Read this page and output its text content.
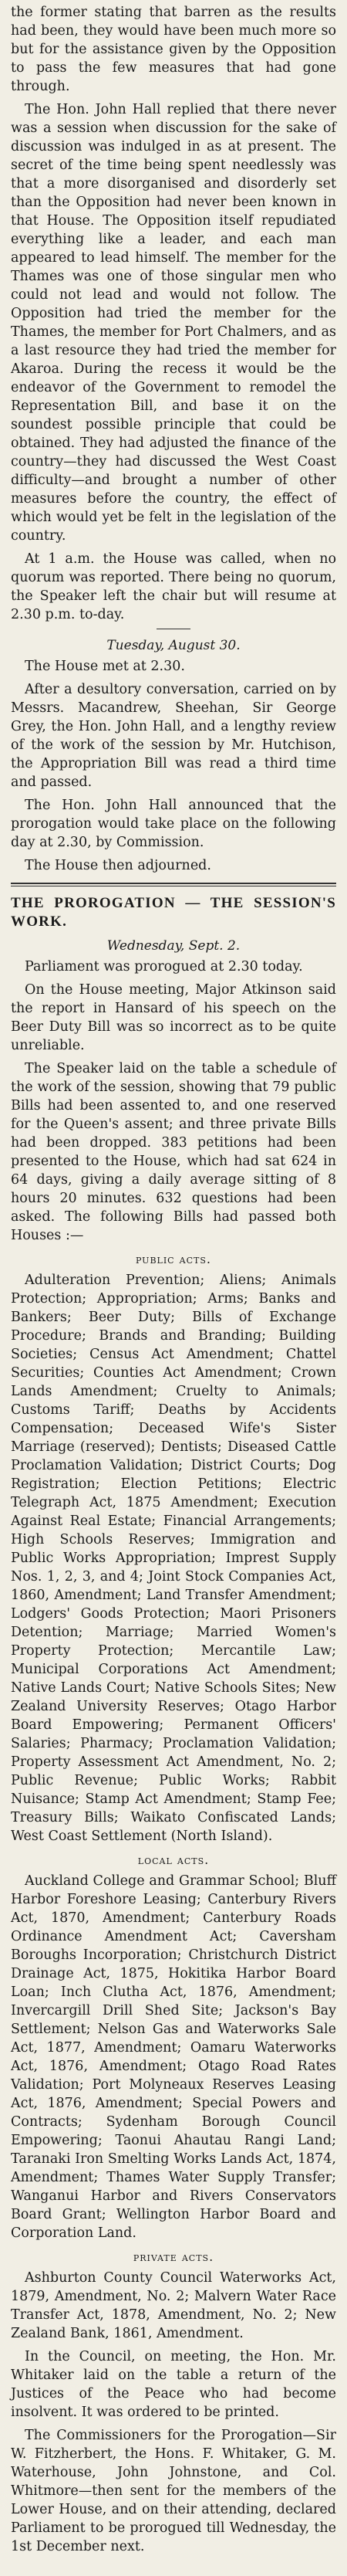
the former stating that barren as the results had been, they would have been much more so but for the assistance given by the Opposition to pass the few measures that had gone through.

The Hon. John Hall replied that there never was a session when discussion for the sake of discussion was indulged in as at present. The secret of the time being spent needlessly was that a more disorganised and disorderly set than the Opposition had never been known in that House. The Opposition itself repudiated everything like a leader, and each man appeared to lead himself. The member for the Thames was one of those singular men who could not lead and would not follow. The Opposition had tried the member for the Thames, the member for Port Chalmers, and as a last resource they had tried the member for Akaroa. During the recess it would be the endeavor of the Government to remodel the Representation Bill, and base it on the soundest possible principle that could be obtained. They had adjusted the finance of the country—they had discussed the West Coast difficulty—and brought a number of other measures before the country, the effect of which would yet be felt in the legislation of the country.

At 1 a.m. the House was called, when no quorum was reported. There being no quorum, the Speaker left the chair but will resume at 2.30 p.m. to-day.

Tuesday, August 30.

The House met at 2.30.

After a desultory conversation, carried on by Messrs. Macandrew, Sheehan, Sir George Grey, the Hon. John Hall, and a lengthy review of the work of the session by Mr. Hutchison, the Appropriation Bill was read a third time and passed.

The Hon. John Hall announced that the prorogation would take place on the following day at 2.30, by Commission.

The House then adjourned.

THE PROROGATION — THE SESSION'S WORK.
Wednesday, Sept. 2.

Parliament was prorogued at 2.30 today.

On the House meeting, Major Atkinson said the report in Hansard of his speech on the Beer Duty Bill was so incorrect as to be quite unreliable.

The Speaker laid on the table a schedule of the work of the session, showing that 79 public Bills had been assented to, and one reserved for the Queen's assent; and three private Bills had been dropped. 383 petitions had been presented to the House, which had sat 624 in 64 days, giving a daily average sitting of 8 hours 20 minutes. 632 questions had been asked. The following Bills had passed both Houses :—

public acts.

Adulteration Prevention; Aliens; Animals Protection; Appropriation; Arms; Banks and Bankers; Beer Duty; Bills of Exchange Procedure; Brands and Branding; Building Societies; Census Act Amendment; Chattel Securities; Counties Act Amendment; Crown Lands Amendment; Cruelty to Animals; Customs Tariff; Deaths by Accidents Compensation; Deceased Wife's Sister Marriage (reserved); Dentists; Diseased Cattle Proclamation Validation; District Courts; Dog Registration; Election Petitions; Electric Telegraph Act, 1875 Amendment; Execution Against Real Estate; Financial Arrangements; High Schools Reserves; Immigration and Public Works Appropriation; Imprest Supply Nos. 1, 2, 3, and 4; Joint Stock Companies Act, 1860, Amendment; Land Transfer Amendment; Lodgers' Goods Protection; Maori Prisoners Detention; Marriage; Married Women's Property Protection; Mercantile Law; Municipal Corporations Act Amendment; Native Lands Court; Native Schools Sites; New Zealand University Reserves; Otago Harbor Board Empowering; Permanent Officers' Salaries; Pharmacy; Proclamation Validation; Property Assessment Act Amendment, No. 2; Public Revenue; Public Works; Rabbit Nuisance; Stamp Act Amendment; Stamp Fee; Treasury Bills; Waikato Confiscated Lands; West Coast Settlement (North Island).

local acts.

Auckland College and Grammar School; Bluff Harbor Foreshore Leasing; Canterbury Rivers Act, 1870, Amendment; Canterbury Roads Ordinance Amendment Act; Caversham Boroughs Incorporation; Christchurch District Drainage Act, 1875, Hokitika Harbor Board Loan; Inch Clutha Act, 1876, Amendment; Invercargill Drill Shed Site; Jackson's Bay Settlement; Nelson Gas and Waterworks Sale Act, 1877, Amendment; Oamaru Waterworks Act, 1876, Amendment; Otago Road Rates Validation; Port Molyneaux Reserves Leasing Act, 1876, Amendment; Special Powers and Contracts; Sydenham Borough Council Empowering; Taonui Ahautau Rangi Land; Taranaki Iron Smelting Works Lands Act, 1874, Amendment; Thames Water Supply Transfer; Wanganui Harbor and Rivers Conservators Board Grant; Wellington Harbor Board and Corporation Land.

private acts.

Ashburton County Council Waterworks Act, 1879, Amendment, No. 2; Malvern Water Race Transfer Act, 1878, Amendment, No. 2; New Zealand Bank, 1861, Amendment.

In the Council, on meeting, the Hon. Mr. Whitaker laid on the table a return of the Justices of the Peace who had become insolvent. It was ordered to be printed.

The Commissioners for the Prorogation—Sir W. Fitzherbert, the Hons. F. Whitaker, G. M. Waterhouse, John Johnstone, and Col. Whitmore—then sent for the members of the Lower House, and on their attending, declared Parliament to be prorogued till Wednesday, the 1st December next.
